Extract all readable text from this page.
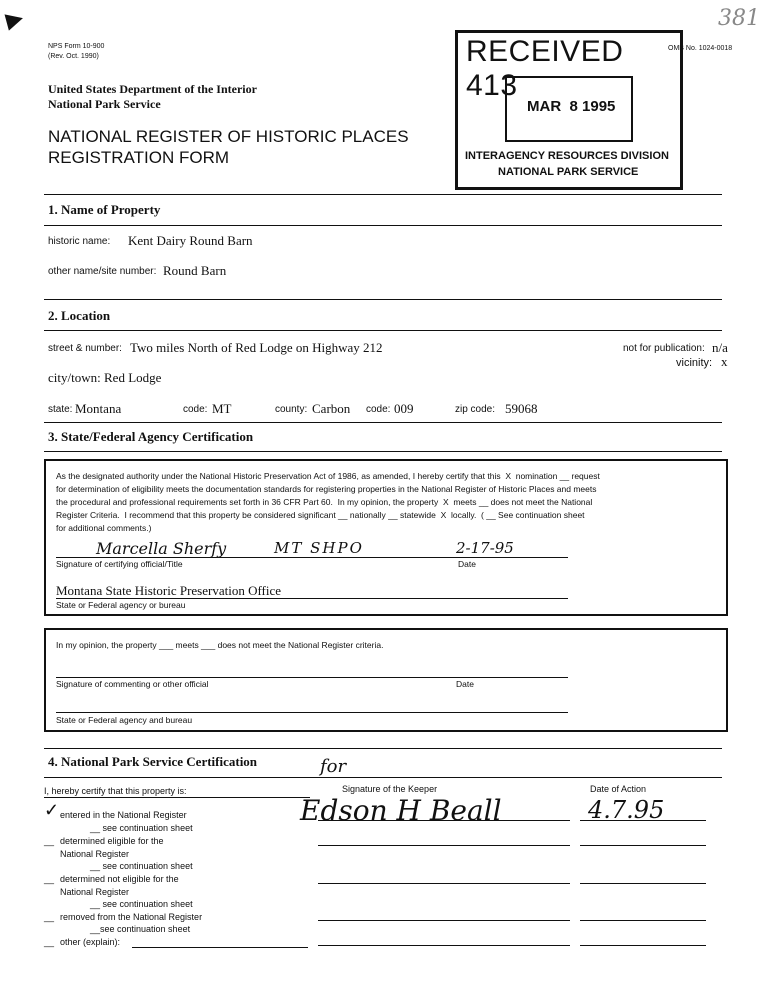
▶	381
NPS Form 10-900
(Rev. Oct. 1990)
United States Department of the Interior
National Park Service
NATIONAL REGISTER OF HISTORIC PLACES
REGISTRATION FORM
OMB No. 1024-0018
RECEIVED 413
MAR  8 1995
INTERAGENCY RESOURCES DIVISION
NATIONAL PARK SERVICE
1. Name of Property
historic name: Kent Dairy Round Barn
other name/site number: Round Barn
2. Location
street & number: Two miles North of Red Lodge on Highway 212	not for publication: n/a
vicinity: x
city/town: Red Lodge
state: Montana	code: MT	county: Carbon code: 009	zip code: 59068
3. State/Federal Agency Certification
As the designated authority under the National Historic Preservation Act of 1986, as amended, I hereby certify that this  X  nomination __ request
for determination of eligibility meets the documentation standards for registering properties in the National Register of Historic Places and meets
the procedural and professional requirements set forth in 36 CFR Part 60.  In my opinion, the property  X  meets __ does not meet the National
Register Criteria.  I recommend that this property be considered significant __ nationally __ statewide  X  locally.  ( __ See continuation sheet
for additional comments.)
Marcella Sherfy	MT SHPO	2-17-95
Signature of certifying official/Title	Date
Montana State Historic Preservation Office
State or Federal agency or bureau
In my opinion, the property ___ meets ___ does not meet the National Register criteria.
Signature of commenting or other official	Date
State or Federal agency and bureau
4. National Park Service Certification
I, hereby certify that this property is:	Signature of the Keeper	Date of Action
for
Edson H Beall	4.7.95
✓ entered in the National Register
__ see continuation sheet
__ determined eligible for the
National Register
__ see continuation sheet
__ determined not eligible for the
National Register
__ see continuation sheet
__ removed from the National Register
__see continuation sheet
__ other (explain):
